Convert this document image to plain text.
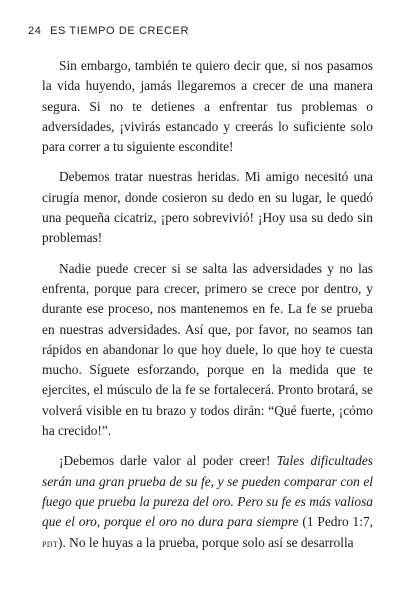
24 ES TIEMPO DE CRECER

Sin embargo, también te quiero decir que, si nos pasamos la vida huyendo, jamás llegaremos a crecer de una manera segura. Si no te detienes a enfrentar tus problemas o adversidades, ¡vivirás estancado y creerás lo suficiente solo para correr a tu siguiente escondite!

Debemos tratar nuestras heridas. Mi amigo necesitó una cirugía menor, donde cosieron su dedo en su lugar, le quedó una pequeña cicatriz, ¡pero sobrevivió! ¡Hoy usa su dedo sin problemas!

Nadie puede crecer si se salta las adversidades y no las enfrenta, porque para crecer, primero se crece por dentro, y durante ese proceso, nos mantenemos en fe. La fe se prueba en nuestras adversidades. Así que, por favor, no seamos tan rápidos en abandonar lo que hoy duele, lo que hoy te cuesta mucho. Síguete esforzando, porque en la medida que te ejercites, el músculo de la fe se fortalecerá. Pronto brotará, se volverá visible en tu brazo y todos dirán: “Qué fuerte, ¡cómo ha crecido!”.

¡Debemos darle valor al poder creer! Tales dificultades serán una gran prueba de su fe, y se pueden comparar con el fuego que prueba la pureza del oro. Pero su fe es más valiosa que el oro, porque el oro no dura para siempre (1 Pedro 1:7, pdt). No le huyas a la prueba, porque solo así se desarrolla
